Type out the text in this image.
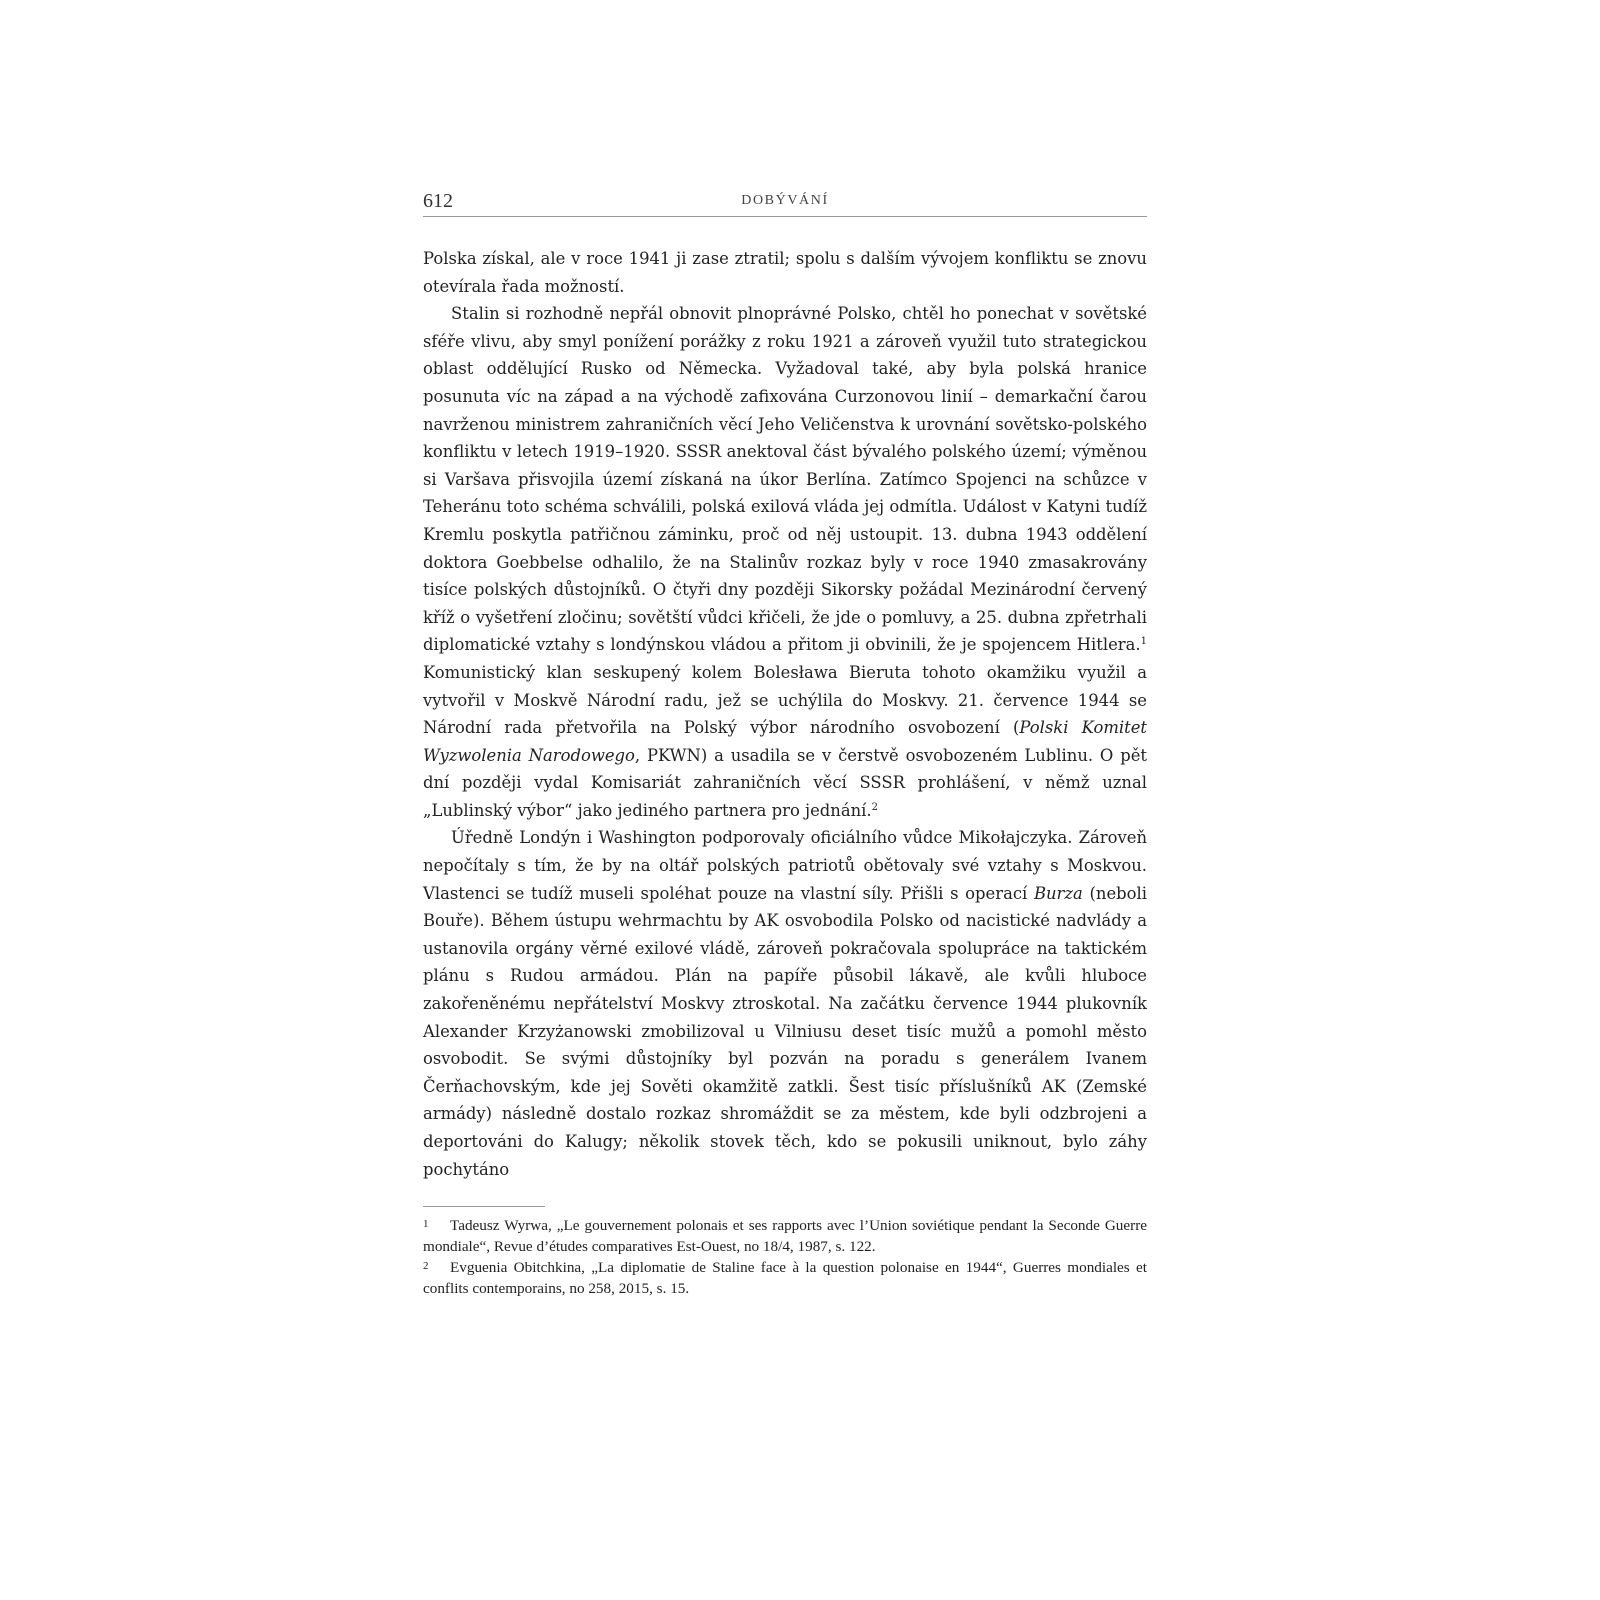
612	DOBÝVÁNÍ

Polska získal, ale v roce 1941 ji zase ztratil; spolu s dalším vývojem konfliktu se znovu otevírala řada možností.

Stalin si rozhodně nepřál obnovit plnoprávné Polsko, chtěl ho ponechat v sovětské sféře vlivu, aby smyl ponížení porážky z roku 1921 a zároveň využil tuto strategickou oblast oddělující Rusko od Německa. Vyžadoval také, aby byla polská hranice posunuta víc na západ a na východě zafixována Curzonovou linií – demarkační čarou navrženou ministrem zahraničních věcí Jeho Veličenstva k urovnání sovětsko-polského konfliktu v letech 1919–1920. SSSR anektoval část bývalého polského území; výměnou si Varšava přisvojila území získaná na úkor Berlína. Zatímco Spojenci na schůzce v Teheránu toto schéma schválili, polská exilová vláda jej odmítla. Událost v Katyni tudíž Kremlu poskytla patřičnou záminku, proč od něj ustoupit. 13. dubna 1943 oddělení doktora Goebbelse odhalilo, že na Stalinův rozkaz byly v roce 1940 zmasakrovány tisíce polských důstojníků. O čtyři dny později Sikorsky požádal Mezinárodní červený kříž o vyšetření zločinu; sovětští vůdci křičeli, že jde o pomluvy, a 25. dubna zpřetrhali diplomatické vztahy s londýnskou vládou a přitom ji obvinili, že je spojencem Hitlera.$^1$ Komunistický klan seskupený kolem Bolesława Bieruta tohoto okamžiku využil a vytvořil v Moskvě Národní radu, jež se uchýlila do Moskvy. 21. července 1944 se Národní rada přetvořila na Polský výbor národního osvobození (Polski Komitet Wyzwolenia Narodowego, PKWN) a usadila se v čerstvě osvobozeném Lublinu. O pět dní později vydal Komisariát zahraničních věcí SSSR prohlášení, v němž uznal „Lublinský výbor“ jako jediného partnera pro jednání.$^2$

Úředně Londýn i Washington podporovaly oficiálního vůdce Mikołajczyka. Zároveň nepočítaly s tím, že by na oltář polských patriotů obětovaly své vztahy s Moskvou. Vlastenci se tudíž museli spoléhat pouze na vlastní síly. Přišli s operací Burza (neboli Bouře). Během ústupu wehrmachtu by AK osvobodila Polsko od nacistické nadvlády a ustanovila orgány věrné exilové vládě, zároveň pokračovala spolupráce na taktickém plánu s Rudou armádou. Plán na papíře působil lákavě, ale kvůli hluboce zakořeněnému nepřátelství Moskvy ztroskotal. Na začátku července 1944 plukovník Alexander Krzyżanowski zmobilizoval u Vilniusu deset tisíc mužů a pomohl město osvobodit. Se svými důstojníky byl pozván na poradu s generálem Ivanem Čerňachovským, kde jej Sověti okamžitě zatkli. Šest tisíc příslušníků AK (Zemské armády) následně dostalo rozkaz shromáždit se za městem, kde byli odzbrojeni a deportováni do Kalugy; několik stovek těch, kdo se pokusili uniknout, bylo záhy pochytáno

1 Tadeusz Wyrwa, „Le gouvernement polonais et ses rapports avec l’Union soviétique pendant la Seconde Guerre mondiale“, Revue d’études comparatives Est-Ouest, no 18/4, 1987, s. 122.

2 Evguenia Obitchkina, „La diplomatie de Staline face à la question polonaise en 1944“, Guerres mondiales et conflits contemporains, no 258, 2015, s. 15.
